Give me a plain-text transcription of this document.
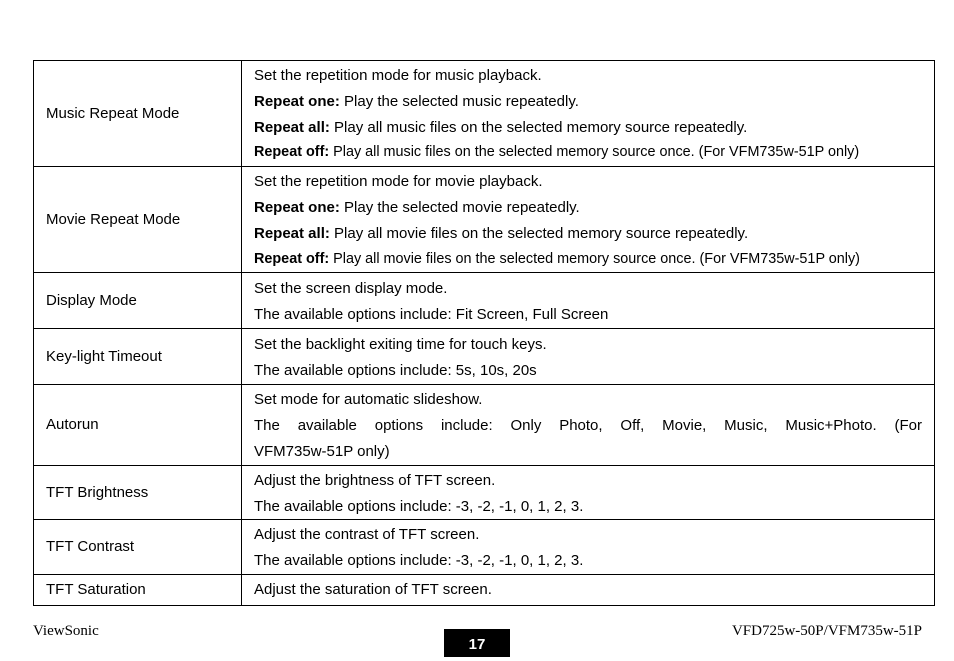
Music Repeat Mode	Set the repetition mode for music playback.
Repeat one: Play the selected music repeatedly.
Repeat all: Play all music files on the selected memory source repeatedly.
Repeat off: Play all music files on the selected memory source once. (For VFM735w-51P only)

Movie Repeat Mode	Set the repetition mode for movie playback.
Repeat one: Play the selected movie repeatedly.
Repeat all: Play all movie files on the selected memory source repeatedly.
Repeat off: Play all movie files on the selected memory source once. (For VFM735w-51P only)

Display Mode	Set the screen display mode.
The available options include: Fit Screen, Full Screen

Key-light Timeout	Set the backlight exiting time for touch keys.
The available options include: 5s, 10s, 20s

Autorun	Set mode for automatic slideshow.
The available options include: Only Photo, Off, Movie, Music, Music+Photo. (For
VFM735w-51P only)

TFT Brightness	Adjust the brightness of TFT screen.
The available options include: -3, -2, -1, 0, 1, 2, 3.

TFT Contrast	Adjust the contrast of TFT screen.
The available options include: -3, -2, -1, 0, 1, 2, 3.

TFT Saturation	Adjust the saturation of TFT screen.
ViewSonic
17
VFD725w-50P/VFM735w-51P
